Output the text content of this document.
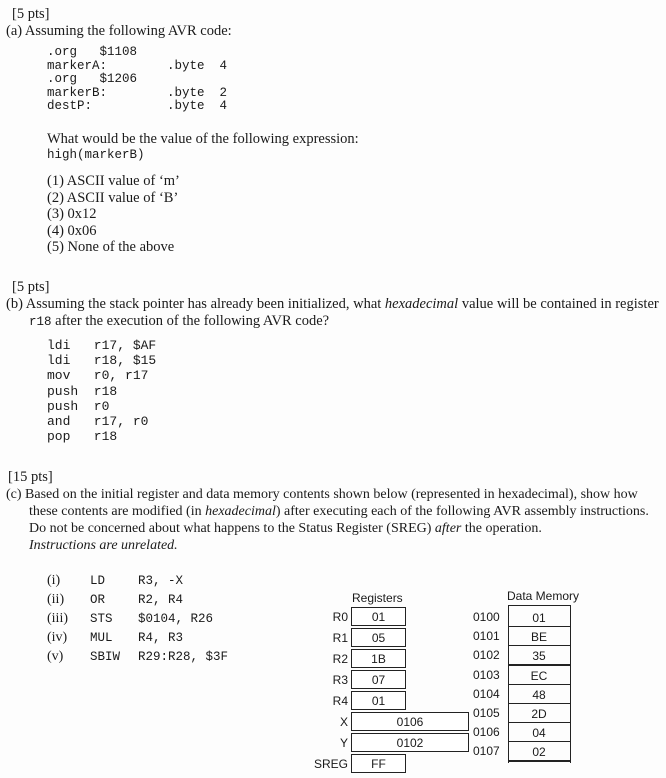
[5 pts]
(a) Assuming the following AVR code:
.org   $1108
markerA:        .byte  4
.org   $1206
markerB:        .byte  2
destP:          .byte  4
What would be the value of the following expression:
high(markerB)
(1) ASCII value of ‘m’
(2) ASCII value of ‘B’
(3) 0x12
(4) 0x06
(5) None of the above
[5 pts]
(b) Assuming the stack pointer has already been initialized, what hexadecimal value will be contained in register
r18 after the execution of the following AVR code?
ldi   r17, $AF
ldi   r18, $15
mov   r0, r17
push  r18
push  r0
and   r17, r0
pop   r18
[15 pts]
(c) Based on the initial register and data memory contents shown below (represented in hexadecimal), show how
these contents are modified (in hexadecimal) after executing each of the following AVR assembly instructions.
Do not be concerned about what happens to the Status Register (SREG) after the operation.
Instructions are unrelated.
(i) LD	R3, -X
(ii) OR	R2, R4
(iii) STS $0104, R26
(iv) MUL R4, R3
(v) SBIW R29:R28, $3F
Registers
R0	01
R1	05
R2	1B
R3	07
R4	01
X	0106
Y	0102
SREG	FF
Data Memory
0100	01
0101	BE
0102	35
0103	EC
0104	48
0105	2D
0106	04
0107	02
